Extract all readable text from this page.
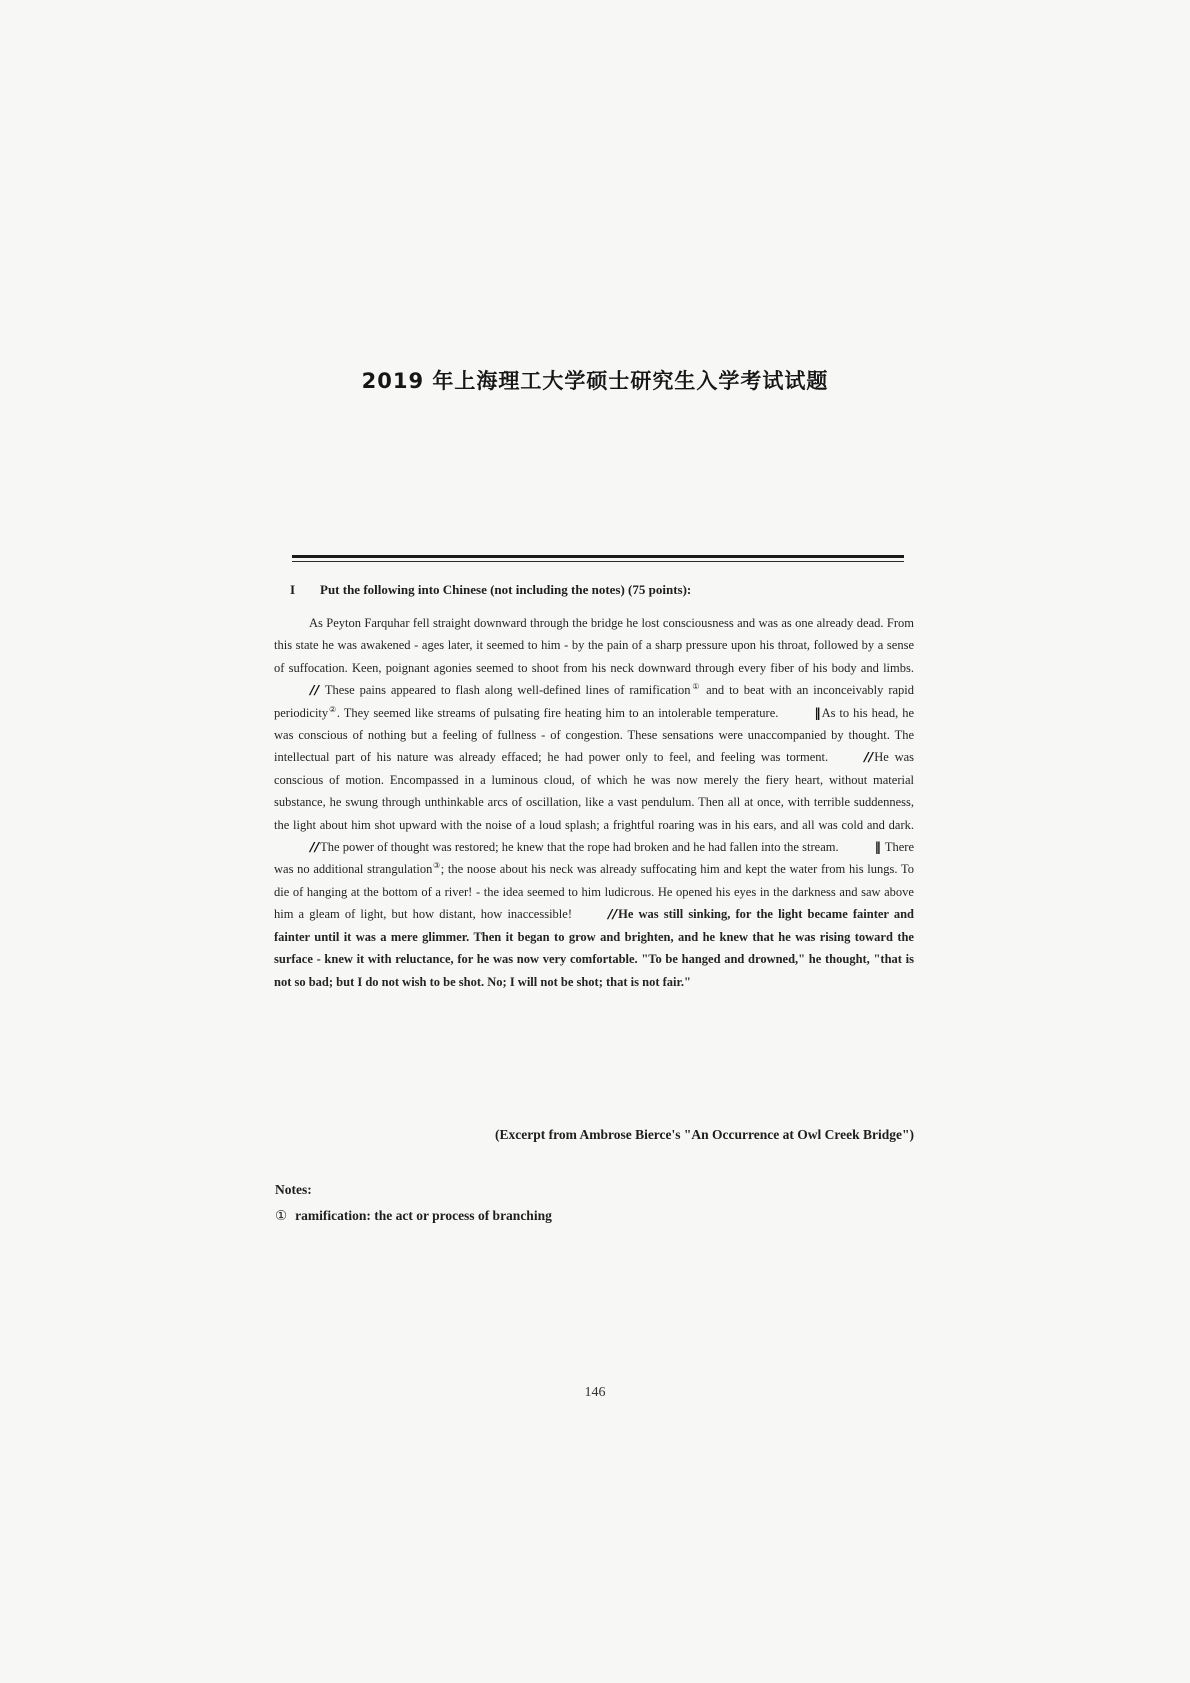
2019 年上海理工大学硕士研究生入学考试试题
I Put the following into Chinese (not including the notes) (75 points):
As Peyton Farquhar fell straight downward through the bridge he lost consciousness and was as one already dead. From this state he was awakened - ages later, it seemed to him - by the pain of a sharp pressure upon his throat, followed by a sense of suffocation. Keen, poignant agonies seemed to shoot from his neck downward through every fiber of his body and limbs.// These pains appeared to flash along well-defined lines of ramification① and to beat with an inconceivably rapid periodicity②. They seemed like streams of pulsating fire heating him to an intolerable temperature.	‖As to his head, he was conscious of nothing but a feeling of fullness - of congestion. These sensations were unaccompanied by thought. The intellectual part of his nature was already effaced; he had power only to feel, and feeling was torment.	//He was conscious of motion. Encompassed in a luminous cloud, of which he was now merely the fiery heart, without material substance, he swung through unthinkable arcs of oscillation, like a vast pendulum. Then all at once, with terrible suddenness, the light about him shot upward with the noise of a loud splash; a frightful roaring was in his ears, and all was cold and dark.//The power of thought was restored; he knew that the rope had broken and he had fallen into the stream.	‖ There was no additional strangulation③; the noose about his neck was already suffocating him and kept the water from his lungs. To die of hanging at the bottom of a river! - the idea seemed to him ludicrous. He opened his eyes in the darkness and saw above him a gleam of light, but how distant, how inaccessible!	//He was still sinking, for the light became fainter and fainter until it was a mere glimmer. Then it began to grow and brighten, and he knew that he was rising toward the surface - knew it with reluctance, for he was now very comfortable. "To be hanged and drowned," he thought, "that is not so bad; but I do not wish to be shot. No; I will not be shot; that is not fair."
(Excerpt from Ambrose Bierce's "An Occurrence at Owl Creek Bridge")
Notes:
① ramification: the act or process of branching
146
